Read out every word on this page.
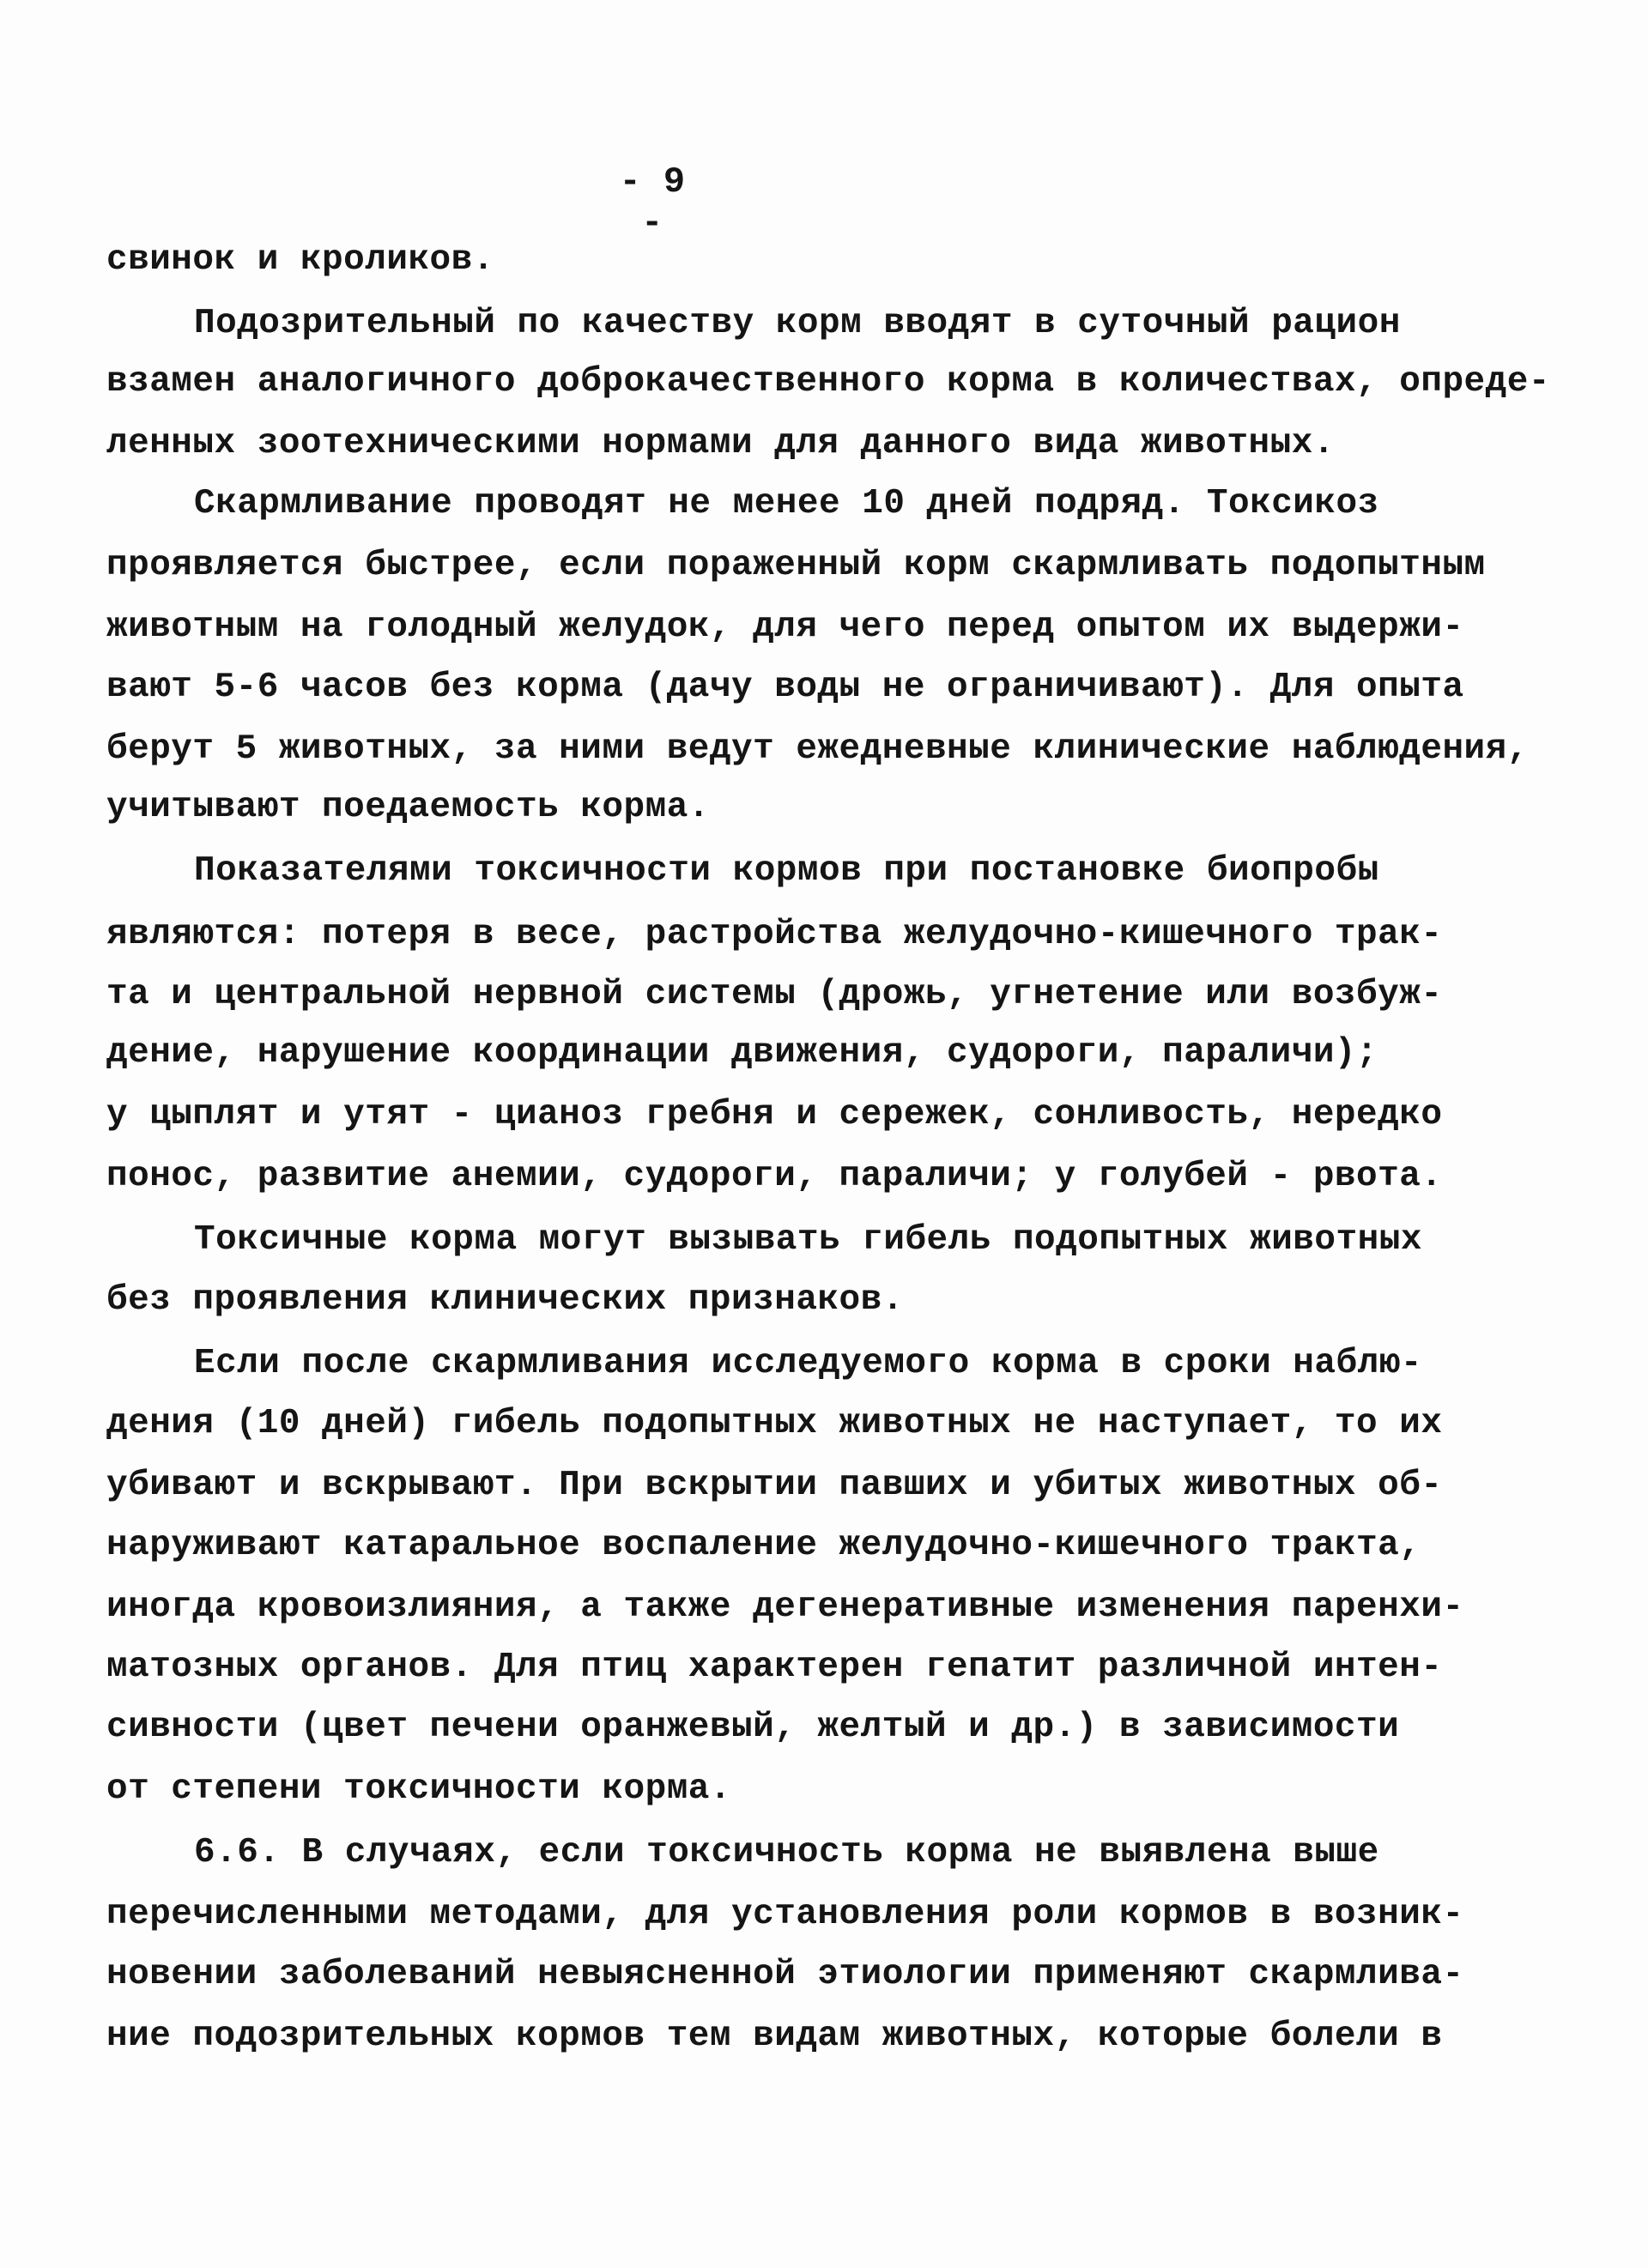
- 9 -
свинок и кроликов.
Подозрительный по качеству корм вводят в суточный рацион
взамен аналогичного доброкачественного корма в количествах, опреде-
ленных зоотехническими нормами для данного вида животных.
Скармливание проводят не менее 10 дней подряд. Токсикоз
проявляется быстрее, если пораженный корм скармливать подопытным
животным на голодный желудок, для чего перед опытом их выдержи-
вают 5-6 часов без корма (дачу воды не ограничивают). Для опыта
берут 5 животных, за ними ведут ежедневные клинические наблюдения,
учитывают поедаемость корма.
Показателями токсичности кормов при постановке биопробы
являются: потеря в весе, растройства желудочно-кишечного трак-
та и центральной нервной системы (дрожь, угнетение или возбуж-
дение, нарушение координации движения, судороги, параличи);
у цыплят и утят - цианоз гребня и сережек, сонливость, нередко
понос, развитие анемии, судороги, параличи; у голубей - рвота.
Токсичные корма могут вызывать гибель подопытных животных
без проявления клинических признаков.
Если после скармливания исследуемого корма в сроки наблю-
дения (10 дней) гибель подопытных животных не наступает, то их
убивают и вскрывают. При вскрытии павших и убитых животных об-
наруживают катаральное воспаление желудочно-кишечного тракта,
иногда кровоизлияния, а также дегенеративные изменения паренхи-
матозных органов. Для птиц характерен гепатит различной интен-
сивности (цвет печени оранжевый, желтый и др.) в зависимости
от степени токсичности корма.
6.6. В случаях, если токсичность корма не выявлена выше
перечисленными методами, для установления роли кормов в возник-
новении заболеваний невыясненной этиологии применяют скармлива-
ние подозрительных кормов тем видам животных, которые болели в
